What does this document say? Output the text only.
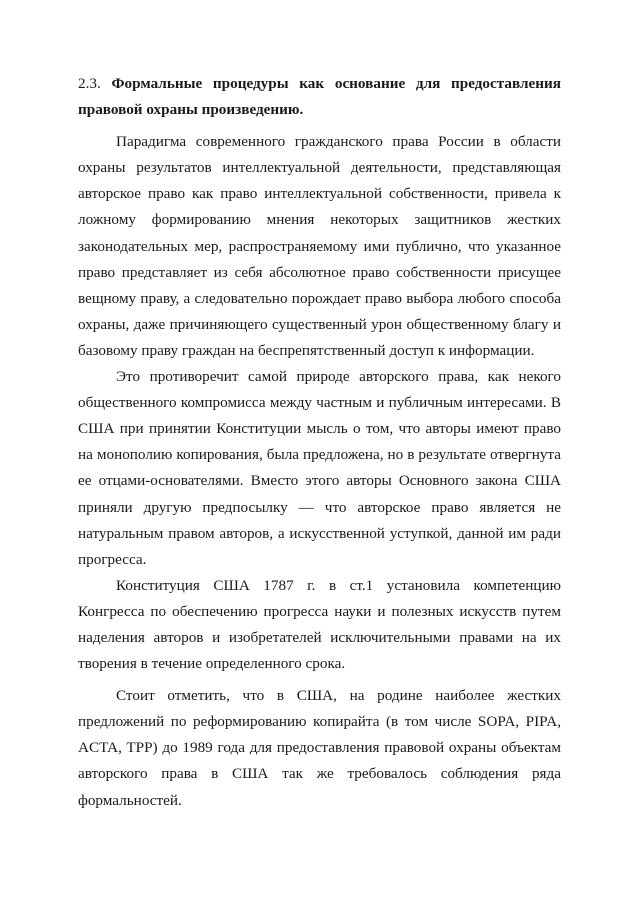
2.3. Формальные процедуры как основание для предоставления правовой охраны произведению.

Парадигма современного гражданского права России в области охраны результатов интеллектуальной деятельности, представляющая авторское право как право интеллектуальной собственности, привела к ложному формированию мнения некоторых защитников жестких законодательных мер, распространяемому ими публично, что указанное право представляет из себя абсолютное право собственности присущее вещному праву, а следовательно порождает право выбора любого способа охраны, даже причиняющего существенный урон общественному благу и базовому праву граждан на беспрепятственный доступ к информации.

Это противоречит самой природе авторского права, как некого общественного компромисса между частным и публичным интересами. В США при принятии Конституции мысль о том, что авторы имеют право на монополию копирования, была предложена, но в результате отвергнута ее отцами-основателями. Вместо этого авторы Основного закона США приняли другую предпосылку — что авторское право является не натуральным правом авторов, а искусственной уступкой, данной им ради прогресса.

Конституция США 1787 г. в ст.1 установила компетенцию Конгресса по обеспечению прогресса науки и полезных искусств путем наделения авторов и изобретателей исключительными правами на их творения в течение определенного срока.

Стоит отметить, что в США, на родине наиболее жестких предложений по реформированию копирайта (в том числе SOPA, PIPA, ACTA, TPP) до 1989 года для предоставления правовой охраны объектам авторского права в США так же требовалось соблюдения ряда формальностей.
